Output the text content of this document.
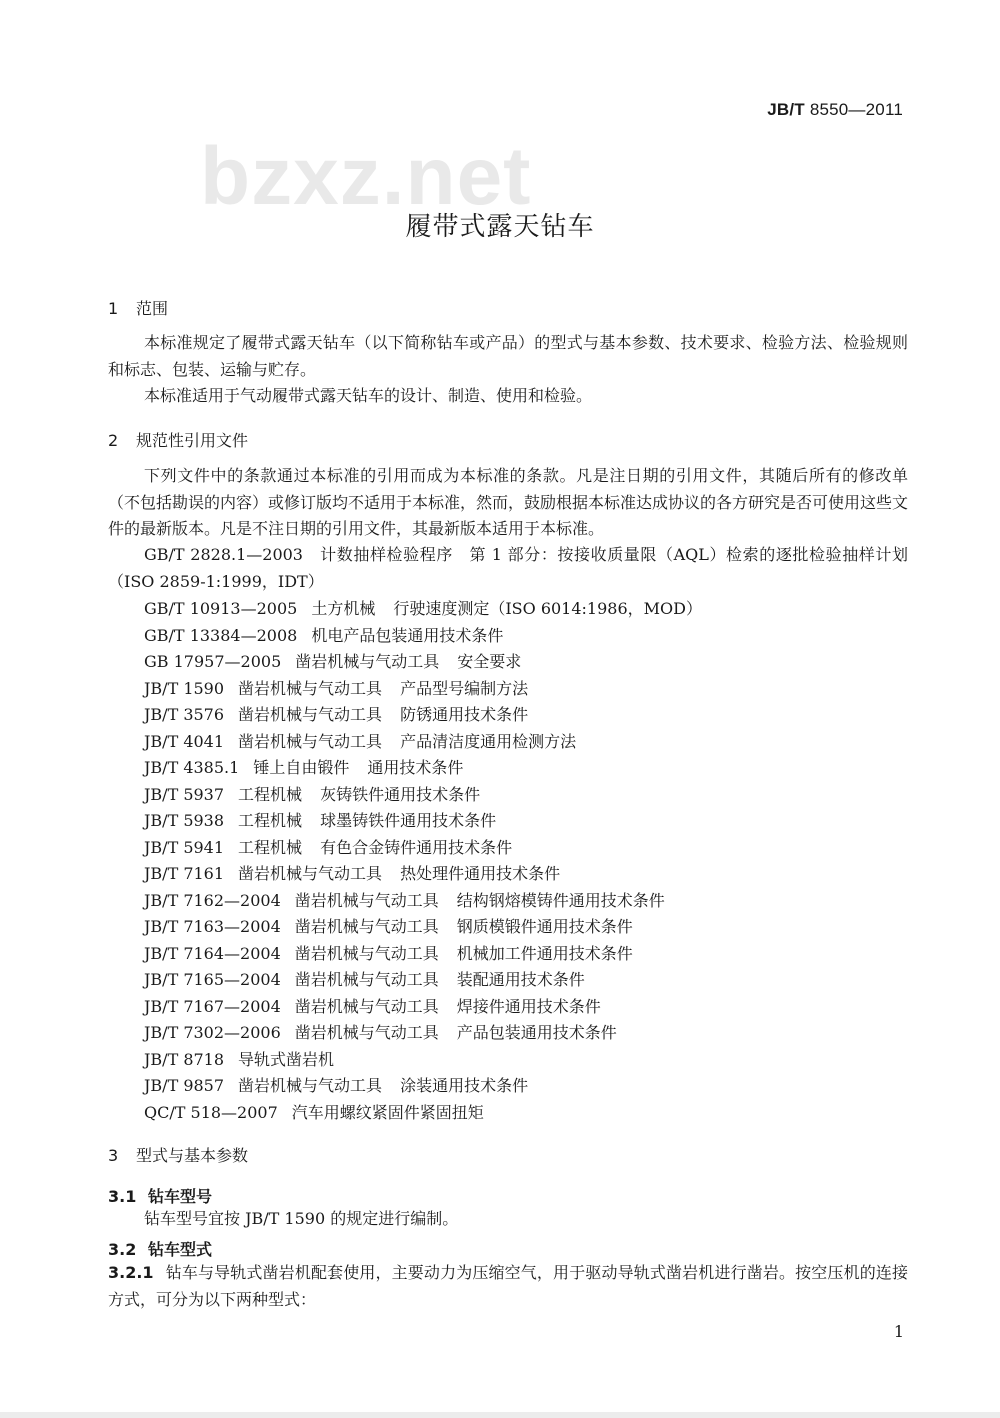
JB/T 8550—2011
bzxz.net
履带式露天钻车
1 范围
本标准规定了履带式露天钻车（以下简称钻车或产品）的型式与基本参数、技术要求、检验方法、检验规则和标志、包装、运输与贮存。
本标准适用于气动履带式露天钻车的设计、制造、使用和检验。
2 规范性引用文件
下列文件中的条款通过本标准的引用而成为本标准的条款。凡是注日期的引用文件，其随后所有的修改单（不包括勘误的内容）或修订版均不适用于本标准，然而，鼓励根据本标准达成协议的各方研究是否可使用这些文件的最新版本。凡是不注日期的引用文件，其最新版本适用于本标准。
GB/T 2828.1—2003　计数抽样检验程序　第 1 部分：按接收质量限（AQL）检索的逐批检验抽样计划（ISO 2859-1:1999，IDT）
GB/T 10913—2005 土方机械 行驶速度测定（ISO 6014:1986，MOD）
GB/T 13384—2008 机电产品包装通用技术条件
GB 17957—2005 凿岩机械与气动工具 安全要求
JB/T 1590 凿岩机械与气动工具 产品型号编制方法
JB/T 3576 凿岩机械与气动工具 防锈通用技术条件
JB/T 4041 凿岩机械与气动工具 产品清洁度通用检测方法
JB/T 4385.1 锤上自由锻件 通用技术条件
JB/T 5937 工程机械 灰铸铁件通用技术条件
JB/T 5938 工程机械 球墨铸铁件通用技术条件
JB/T 5941 工程机械 有色合金铸件通用技术条件
JB/T 7161 凿岩机械与气动工具 热处理件通用技术条件
JB/T 7162—2004 凿岩机械与气动工具 结构钢熔模铸件通用技术条件
JB/T 7163—2004 凿岩机械与气动工具 钢质模锻件通用技术条件
JB/T 7164—2004 凿岩机械与气动工具 机械加工件通用技术条件
JB/T 7165—2004 凿岩机械与气动工具 装配通用技术条件
JB/T 7167—2004 凿岩机械与气动工具 焊接件通用技术条件
JB/T 7302—2006 凿岩机械与气动工具 产品包装通用技术条件
JB/T 8718 导轨式凿岩机
JB/T 9857 凿岩机械与气动工具 涂装通用技术条件
QC/T 518—2007 汽车用螺纹紧固件紧固扭矩
3 型式与基本参数
3.1 钻车型号
钻车型号宜按 JB/T 1590 的规定进行编制。
3.2 钻车型式
3.2.1 钻车与导轨式凿岩机配套使用，主要动力为压缩空气，用于驱动导轨式凿岩机进行凿岩。按空压机的连接方式，可分为以下两种型式：
1
